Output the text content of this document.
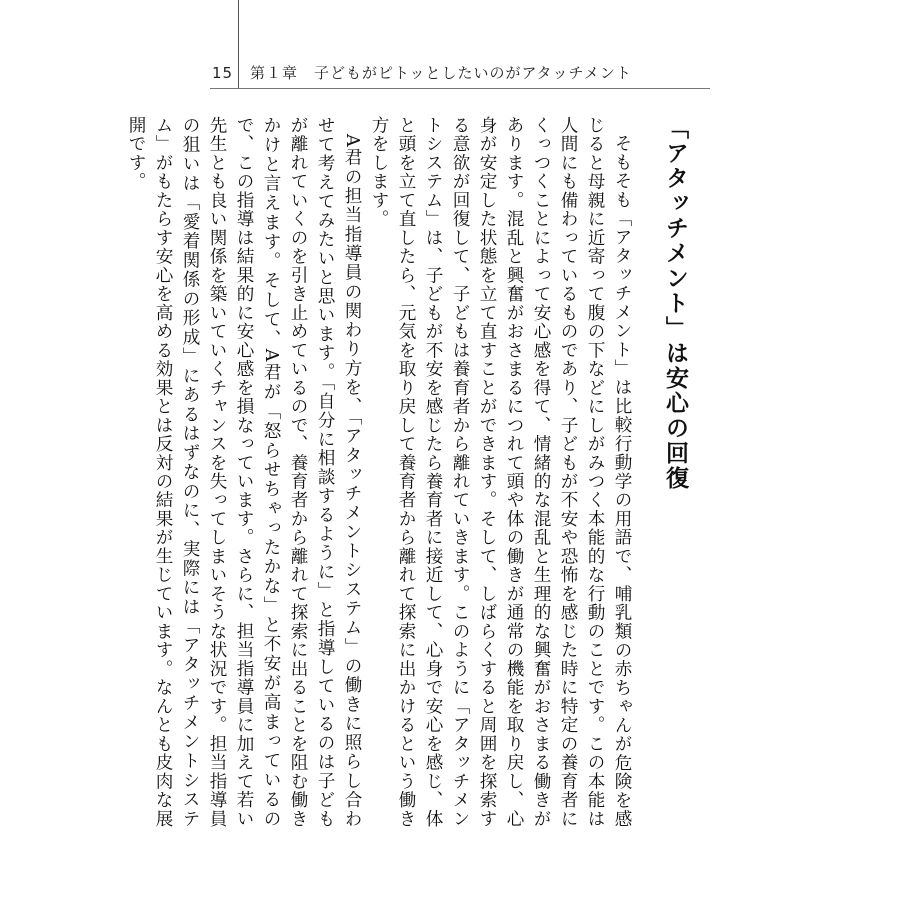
15 第１章　子どもがピトッとしたいのがアタッチメント
「アタッチメント」は安心の回復

そもそも「アタッチメント」は比較行動学の用語で、哺乳類の赤ちゃんが危険を感じると母親に近寄って腹の下などにしがみつく本能的な行動のことです。この本能は人間にも備わっているものであり、子どもが不安や恐怖を感じた時に特定の養育者にくっつくことによって安心感を得て、情緒的な混乱と生理的な興奮がおさまる働きがあります。混乱と興奮がおさまるにつれて頭や体の働きが通常の機能を取り戻し、心身が安定した状態を立て直すことができます。そして、しばらくすると周囲を探索する意欲が回復して、子どもは養育者から離れていきます。このように「アタッチメントシステム」は、子どもが不安を感じたら養育者に接近して、心身で安心を感じ、体と頭を立て直したら、元気を取り戻して養育者から離れて探索に出かけるという働き方をします。

A君の担当指導員の関わり方を、「アタッチメントシステム」の働きに照らし合わせて考えてみたいと思います。「自分に相談するように」と指導しているのは子どもが離れていくのを引き止めているので、養育者から離れて探索に出ることを阻む働きかけと言えます。そして、A君が「怒らせちゃったかな」と不安が高まっているので、この指導は結果的に安心感を損なっています。さらに、担当指導員に加えて若い先生とも良い関係を築いていくチャンスを失ってしまいそうな状況です。担当指導員の狙いは「愛着関係の形成」にあるはずなのに、実際には「アタッチメントシステム」がもたらす安心を高める効果とは反対の結果が生じています。なんとも皮肉な展開です。
